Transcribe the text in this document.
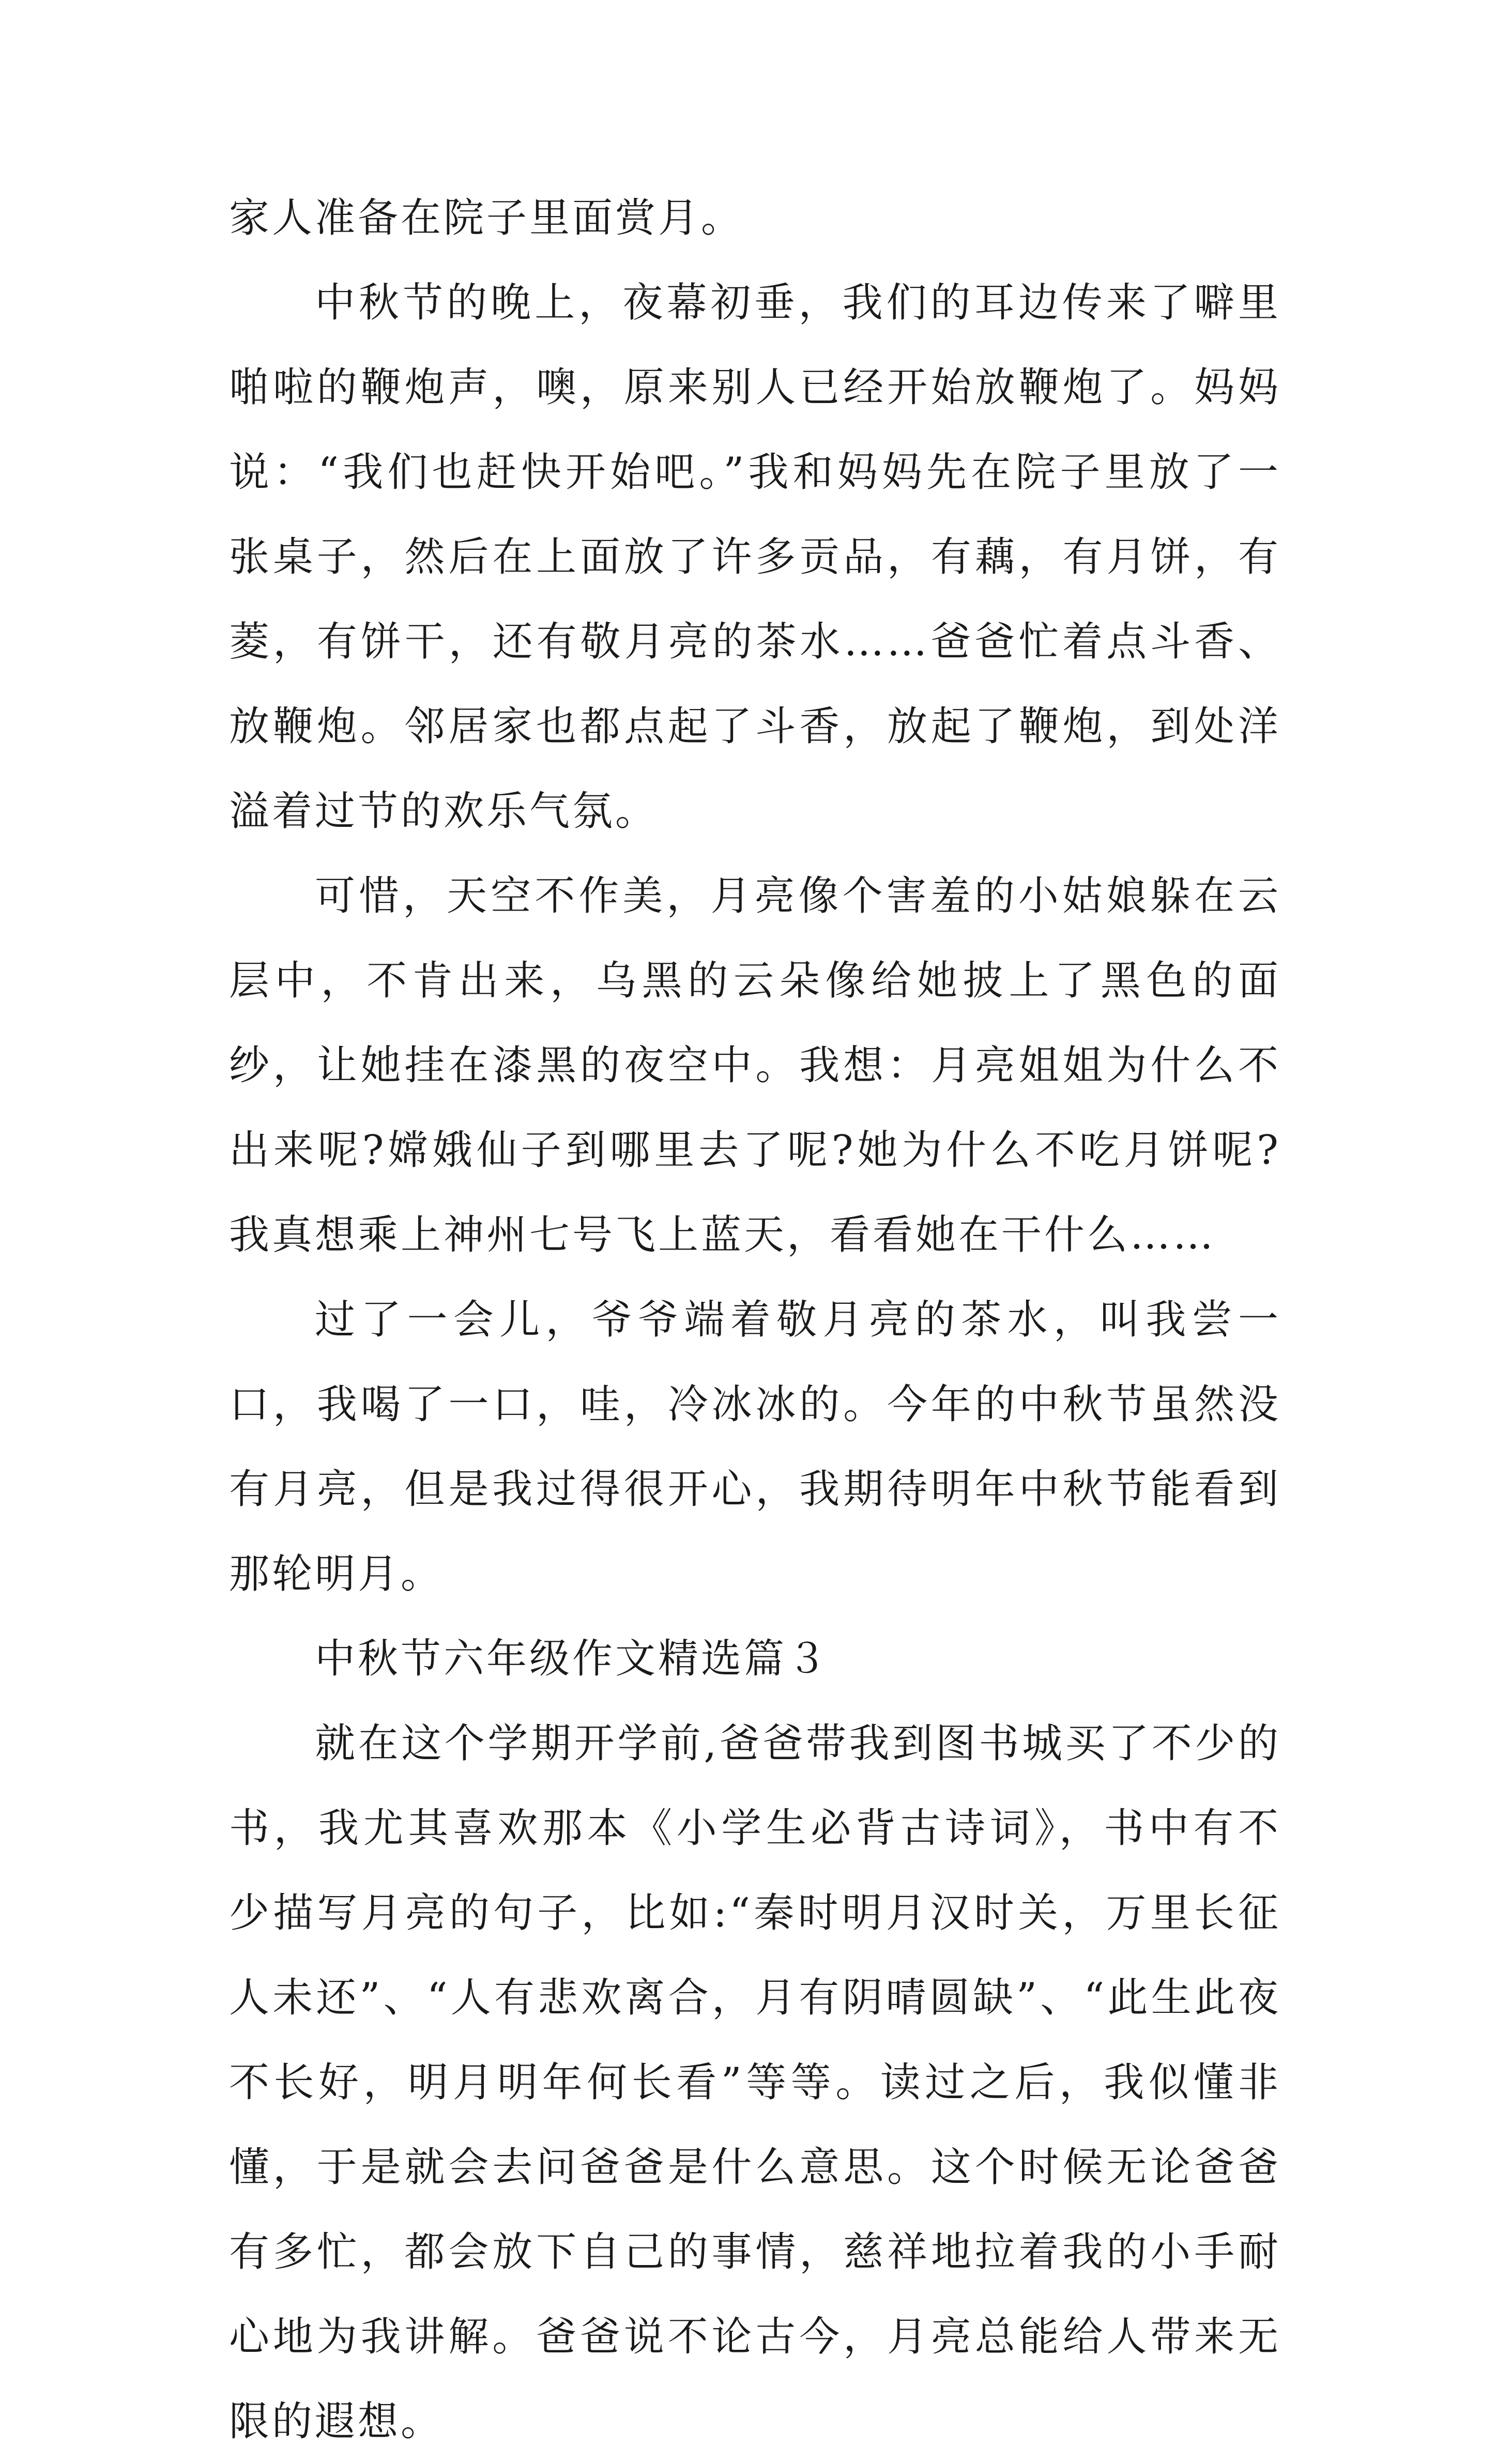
家人准备在院子里面赏月。

中秋节的晚上，夜幕初垂，我们的耳边传来了噼里啪啦的鞭炮声，噢，原来别人已经开始放鞭炮了。妈妈说：“我们也赶快开始吧。”我和妈妈先在院子里放了一张桌子，然后在上面放了许多贡品，有藕，有月饼，有菱，有饼干，还有敬月亮的茶水……爸爸忙着点斗香、放鞭炮。邻居家也都点起了斗香，放起了鞭炮，到处洋溢着过节的欢乐气氛。

可惜，天空不作美，月亮像个害羞的小姑娘躲在云层中，不肯出来，乌黑的云朵像给她披上了黑色的面纱，让她挂在漆黑的夜空中。我想：月亮姐姐为什么不出来呢?嫦娥仙子到哪里去了呢?她为什么不吃月饼呢?我真想乘上神州七号飞上蓝天，看看她在干什么……

过了一会儿，爷爷端着敬月亮的茶水，叫我尝一口，我喝了一口，哇，冷冰冰的。今年的中秋节虽然没有月亮，但是我过得很开心，我期待明年中秋节能看到那轮明月。

中秋节六年级作文精选篇３

就在这个学期开学前,爸爸带我到图书城买了不少的书，我尤其喜欢那本《小学生必背古诗词》，书中有不少描写月亮的句子，比如:“秦时明月汉时关，万里长征人未还”、“人有悲欢离合，月有阴晴圆缺”、“此生此夜不长好，明月明年何长看”等等。读过之后，我似懂非懂，于是就会去问爸爸是什么意思。这个时候无论爸爸有多忙，都会放下自己的事情，慈祥地拉着我的小手耐心地为我讲解。爸爸说不论古今，月亮总能给人带来无限的遐想。
